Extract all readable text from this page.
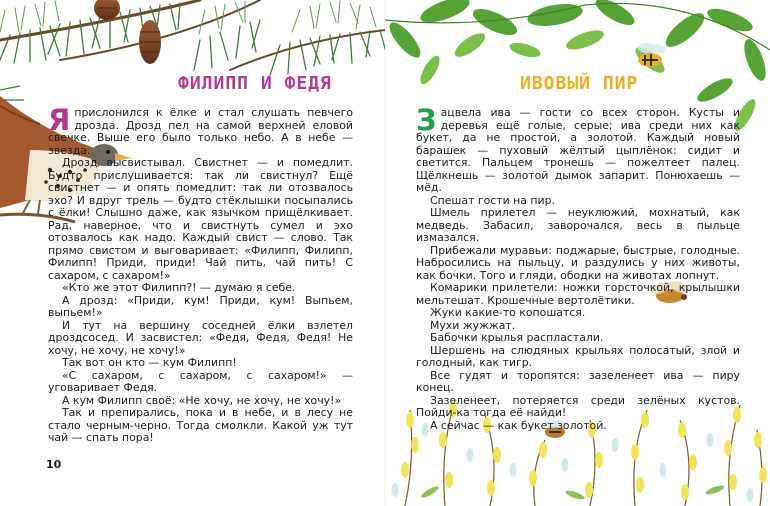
ФИЛИПП И ФЕДЯ

Я прислонился к ёлке и стал слушать певчего дрозда. Дрозд пел на самой верхней еловой свечке. Выше его было только небо. А в небе — звезда.

Дрозд высвистывал. Свистнет — и помедлит. Будто прислушивается: так ли свистнул? Ещё свистнет — и опять помедлит: так ли отозвалось эхо? И вдруг трель — будто стёклышки посыпались с ёлки! Слышно даже, как язычком прищёлкивает. Рад, наверное, что и свистнуть сумел и эхо отозвалось как надо. Каждый свист — слово. Так прямо свистом и выговаривает: «Филипп, Филипп, Филипп! Приди, приди! Чай пить, чай пить! С сахаром, с сахаром!»

«Кто же этот Филипп?! — думаю я себе.

А дрозд: «Приди, кум! Приди, кум! Выпьем, выпьем!»

И тут на вершину соседней ёлки взлетел дроздсосед. И засвистел: «Федя, Федя, Федя! Не хочу, не хочу, не хочу!»

Так вот он кто — кум Филипп!

«С сахаром, с сахаром, с сахаром!» — уговаривает Федя.

А кум Филипп своё: «Не хочу, не хочу, не хочу!»

Так и препирались, пока и в небе, и в лесу не стало черным-черно. Тогда смолкли. Какой уж тут чай — спать пора!

10

ИВОВЫЙ ПИР

Зацвела ива — гости со всех сторон. Кусты и деревья ещё голые, серые; ива среди них как букет, да не простой, а золотой. Каждый новый барашек — пуховый жёлтый цыплёнок: сидит и светится. Пальцем тронешь — пожелтеет палец. Щёлкнешь — золотой дымок запарит. Понюхаешь — мёд.

Спешат гости на пир.

Шмель прилетел — неуклюжий, мохнатый, как медведь. Забасил, заворочался, весь в пыльце измазался.

Прибежали муравьи: поджарые, быстрые, голодные. Набросились на пыльцу, и раздулись у них животы, как бочки. Того и гляди, ободки на животах лопнут.

Комарики прилетели: ножки горсточкой, крылышки мельтешат. Крошечные вертолётики.

Жуки какие-то копошатся.

Мухи жужжат.

Бабочки крылья распластали.

Шершень на слюдяных крыльях полосатый, злой и голодный, как тигр.

Все гудят и торопятся: зазеленеет ива — пиру конец.

Зазеленеет, потеряется среди зелёных кустов. Пойди-ка тогда её найди!

А сейчас — как букет золотой.
